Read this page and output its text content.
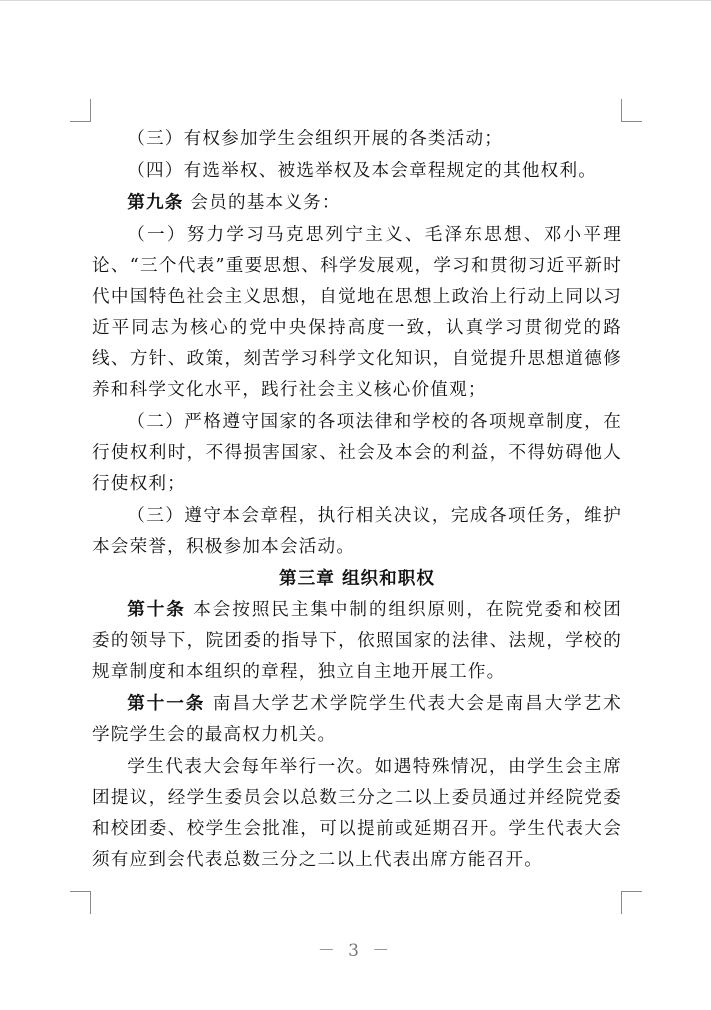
（三）有权参加学生会组织开展的各类活动；

（四）有选举权、被选举权及本会章程规定的其他权利。

第九条 会员的基本义务：

（一）努力学习马克思列宁主义、毛泽东思想、邓小平理论、“三个代表”重要思想、科学发展观，学习和贯彻习近平新时代中国特色社会主义思想，自觉地在思想上政治上行动上同以习近平同志为核心的党中央保持高度一致，认真学习贯彻党的路线、方针、政策，刻苦学习科学文化知识，自觉提升思想道德修养和科学文化水平，践行社会主义核心价值观；

（二）严格遵守国家的各项法律和学校的各项规章制度，在行使权利时，不得损害国家、社会及本会的利益，不得妨碍他人行使权利；

（三）遵守本会章程，执行相关决议，完成各项任务，维护本会荣誉，积极参加本会活动。

第三章 组织和职权

第十条 本会按照民主集中制的组织原则，在院党委和校团委的领导下，院团委的指导下，依照国家的法律、法规，学校的规章制度和本组织的章程，独立自主地开展工作。

第十一条 南昌大学艺术学院学生代表大会是南昌大学艺术学院学生会的最高权力机关。

学生代表大会每年举行一次。如遇特殊情况，由学生会主席团提议，经学生委员会以总数三分之二以上委员通过并经院党委和校团委、校学生会批准，可以提前或延期召开。学生代表大会须有应到会代表总数三分之二以上代表出席方能召开。

－ 3 －
